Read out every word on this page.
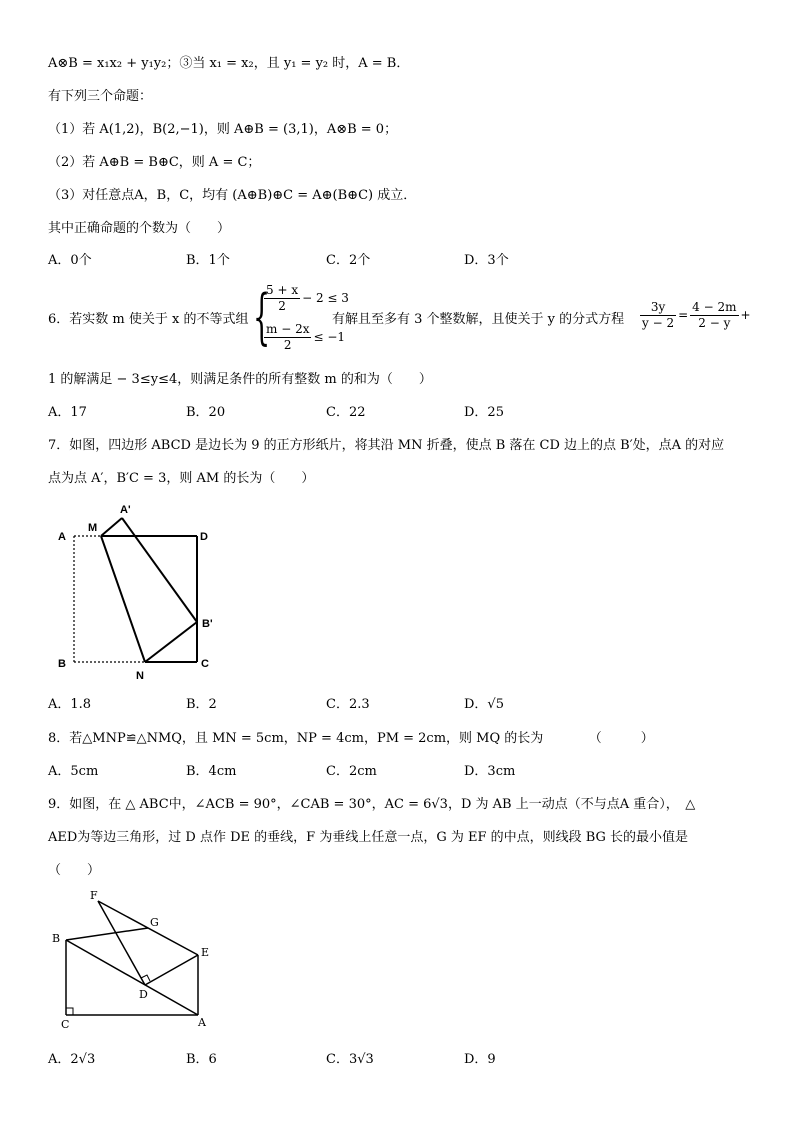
A⊗B = x₁x₂ + y₁y₂；③当 x₁ = x₂，且 y₁ = y₂ 时，A = B．
有下列三个命题：
（1）若 A(1,2)，B(2,−1)，则 A⊕B = (3,1)，A⊗B = 0；
（2）若 A⊕B = B⊕C，则 A = C；
（3）对任意点A，B，C，均有 (A⊕B)⊕C = A⊕(B⊕C) 成立．
其中正确命题的个数为（　　）
A．0个	B．1个	C．2个	D．3个
6．若实数 m 使关于 x 的不等式组 {
$\frac{5 + x}{2} - 2 \le 3$
$\frac{m - 2x}{2} \le -1$
有解且至多有 3 个整数解，且使关于 y 的分式方程 $\frac{3y}{y - 2} = \frac{4 - 2m}{2 - y}$ +
1 的解满足 − 3≤y≤4，则满足条件的所有整数 m 的和为（　　）
A．17	B．20	C．22	D．25
7．如图，四边形 ABCD 是边长为 9 的正方形纸片，将其沿 MN 折叠，使点 B 落在 CD 边上的点 B′处，点A 的对应
点为点 A′，B′C = 3，则 AM 的长为（　　）
A
M
A'
D
B'
B
N
C
A．1.8	B．2	C．2.3	D．√5
8．若△MNP≌△NMQ，且 MN = 5cm，NP = 4cm，PM = 2cm，则 MQ 的长为　　　　（　　　）
A．5cm	B．4cm	C．2cm	D．3cm
9．如图，在 △ ABC中，∠ACB = 90°，∠CAB = 30°，AC = 6√3，D 为 AB 上一动点（不与点A 重合），　△
AED为等边三角形，过 D 点作 DE 的垂线，F 为垂线上任意一点，G 为 EF 的中点，则线段 BG 长的最小值是
（　　）
F
G
B
E
D
C	A
A．2√3	B．6	C．3√3	D．9
